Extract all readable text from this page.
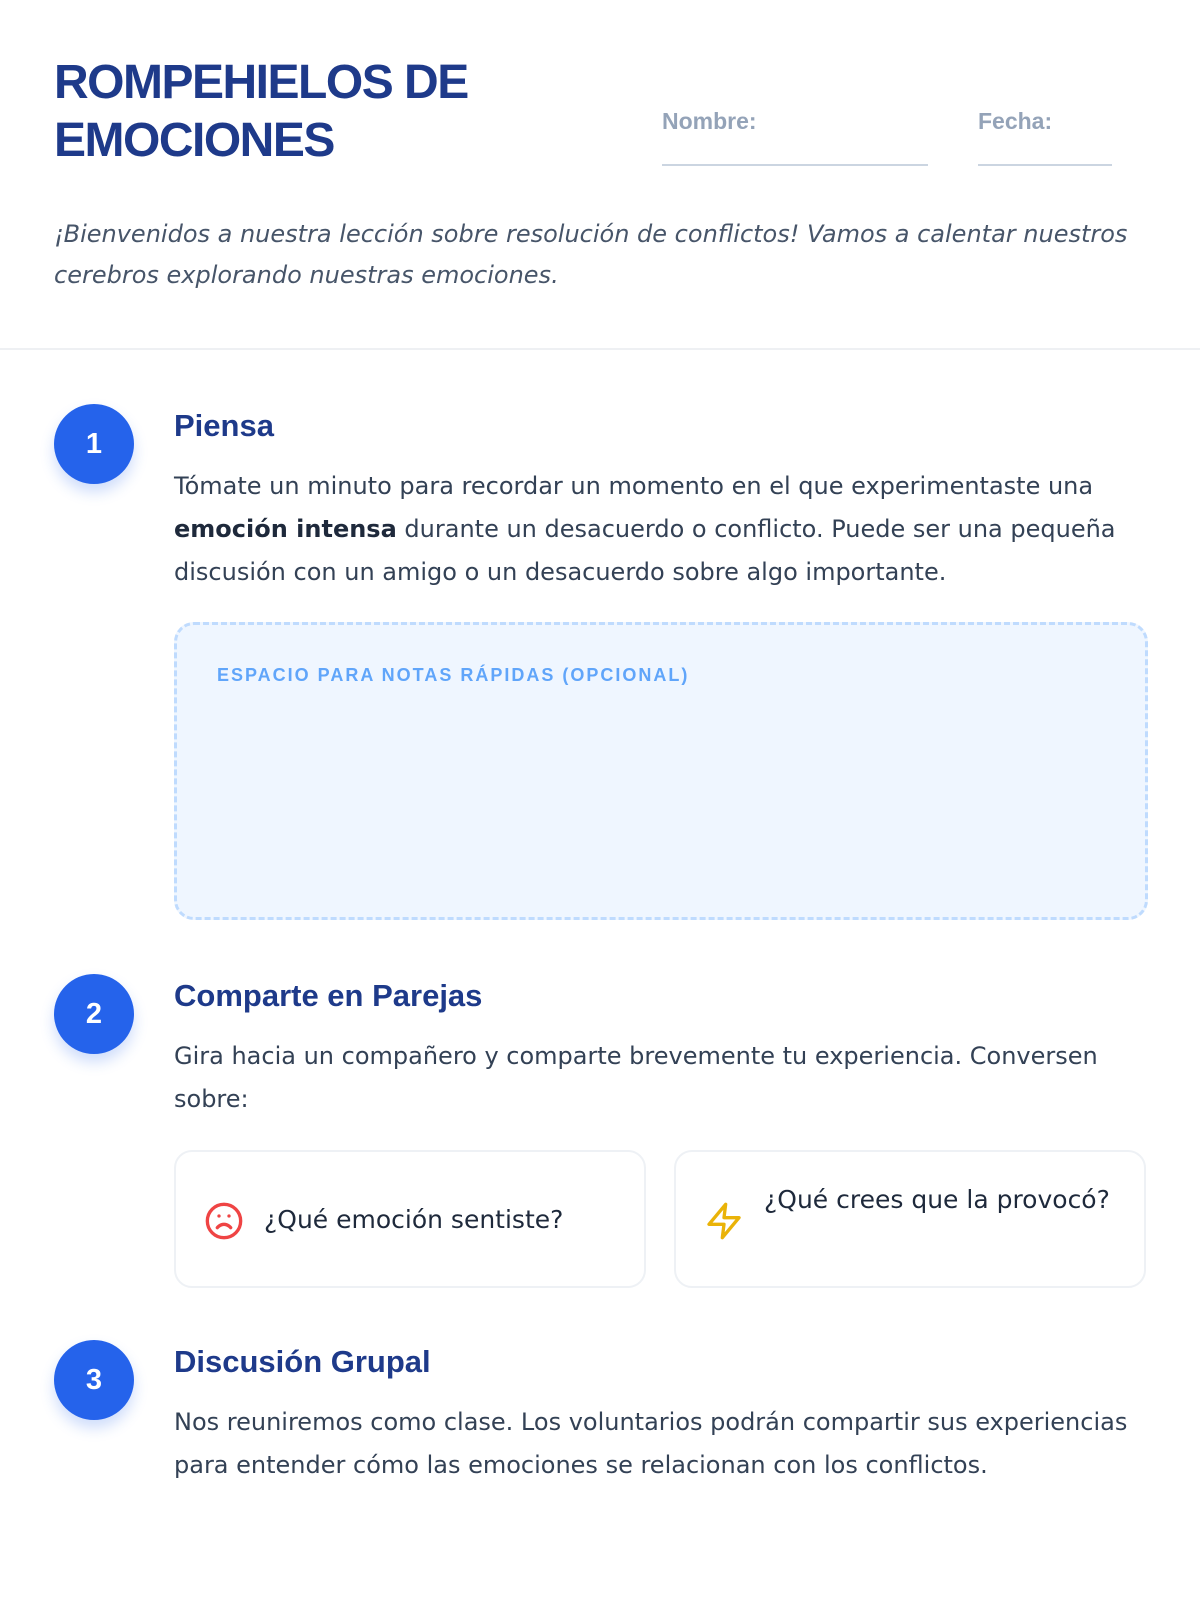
ROMPEHIELOS DE
EMOCIONES	Nombre:	Fecha:

¡Bienvenidos a nuestra lección sobre resolución de conflictos! Vamos a calentar nuestros cerebros explorando nuestras emociones.

1
Piensa

Tómate un minuto para recordar un momento en el que experimentaste una emoción intensa durante un desacuerdo o conflicto. Puede ser una pequeña discusión con un amigo o un desacuerdo sobre algo importante.

ESPACIO PARA NOTAS RÁPIDAS (OPCIONAL)
2
Comparte en Parejas

Gira hacia un compañero y comparte brevemente tu experiencia. Conversen sobre:

¿Qué emoción sentiste?
¿Qué crees que la provocó?
3
Discusión Grupal

Nos reuniremos como clase. Los voluntarios podrán compartir sus experiencias para entender cómo las emociones se relacionan con los conflictos.
